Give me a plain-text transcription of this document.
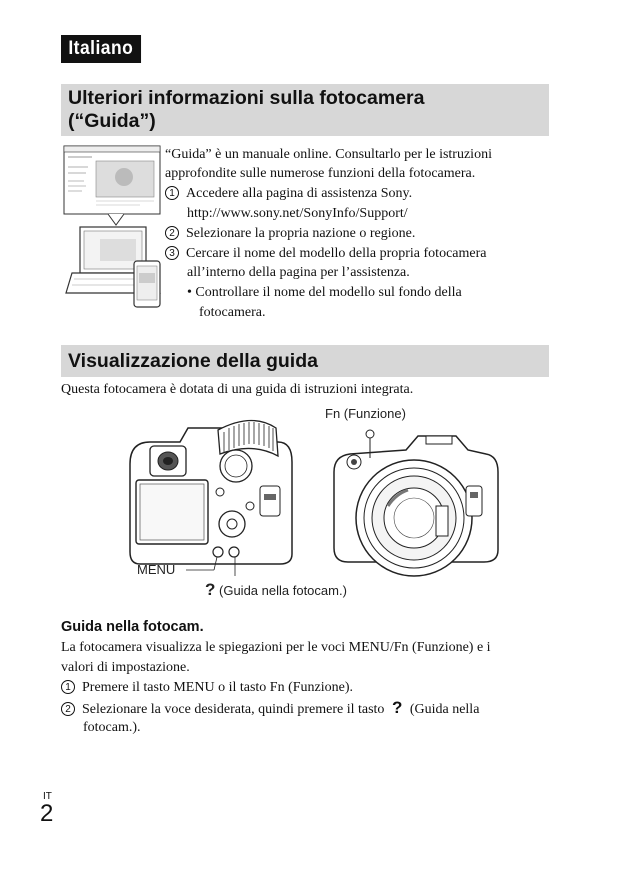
Italiano
Ulteriori informazioni sulla fotocamera
(“Guida”)
“Guida” è un manuale online. Consultarlo per le istruzioni
approfondite sulle numerose funzioni della fotocamera.
1 Accedere alla pagina di assistenza Sony.
http://www.sony.net/SonyInfo/Support/
2 Selezionare la propria nazione o regione.
3 Cercare il nome del modello della propria fotocamera
all’interno della pagina per l’assistenza.
• Controllare il nome del modello sul fondo della
fotocamera.
Visualizzazione della guida
Questa fotocamera è dotata di una guida di istruzioni integrata.
Fn (Funzione)
MENU
? (Guida nella fotocam.)
Guida nella fotocam.
La fotocamera visualizza le spiegazioni per le voci MENU/Fn (Funzione) e i
valori di impostazione.
1 Premere il tasto MENU o il tasto Fn (Funzione).
2 Selezionare la voce desiderata, quindi premere il tasto ? (Guida nella
fotocam.).
IT
2
